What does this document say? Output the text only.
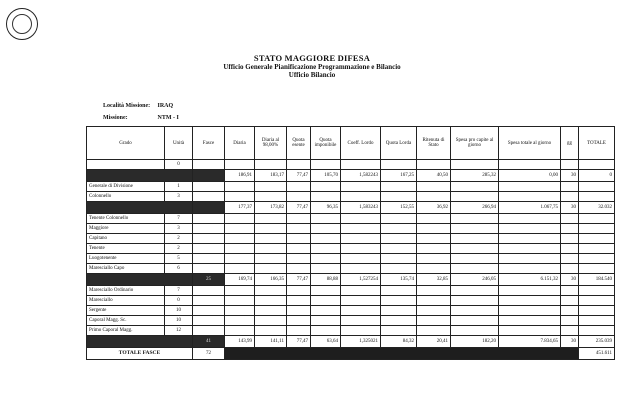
STATO MAGGIORE DIFESA
Ufficio Generale Pianificazione Programmazione e Bilancio
Ufficio Bilancio
Località Missione: IRAQ
Missione:	NTM - I
Grado	Unità	Fasce	Diaria	Diaria al 98,00%	Quota esente	Quota imponibile	Coeff. Lordo	Quota Lorda	Ritenuta di Stato	Spesa pro capite al giorno	Spesa totale al giorno	gg	TOTALE
	0												
			186,91	183,17	77,47	105,70	1,582243	167,25	40,50	285,32	0,00	30	0
Generale di Divisione	1												
Colonnello	3												
			177,37	173,82	77,47	96,35	1,583243	152,55	36,92	266,94	1.067,75	30	32.032
Tenente Colonnello	7												
Maggiore	3												
Capitano	2												
Tenente	2												
Luogotenente	5												
Maresciallo Capo	6												
		25	169,74	166,35	77,47	88,88	1,527254	135,74	32,85	246,05	6.151,32	30	184.540
Maresciallo Ordinario	7												
Maresciallo	0												
Sergente	10												
Caporal Magg. Sc.	10												
Primo Caporal Magg.	12												
		41	143,99	141,11	77,47	63,64	1,325021	84,32	20,41	182,20	7.834,65	30	235.039
TOTALE FASCE		72											451.611
